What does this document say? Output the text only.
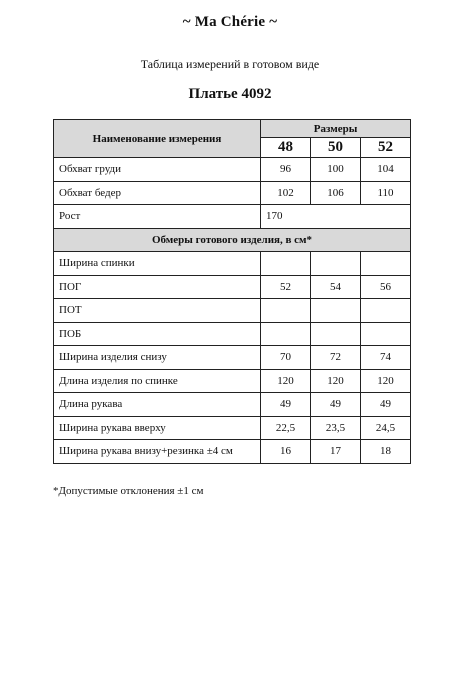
~ Ma Chérie ~
Таблица измерений в готовом виде
Платье 4092
Наименование измерения	Размеры		
	48	50	52
Обхват груди	96	100	104
Обхват бедер	102	106	110
Рост	170		
Обмеры готового изделия, в см*			
Ширина спинки			
ПОГ	52	54	56
ПОТ			
ПОБ			
Ширина изделия снизу	70	72	74
Длина изделия по спинке	120	120	120
Длина рукава	49	49	49
Ширина рукава вверху	22,5	23,5	24,5
Ширина рукава внизу+резинка ±4 см	16	17	18
*Допустимые отклонения ±1 см
